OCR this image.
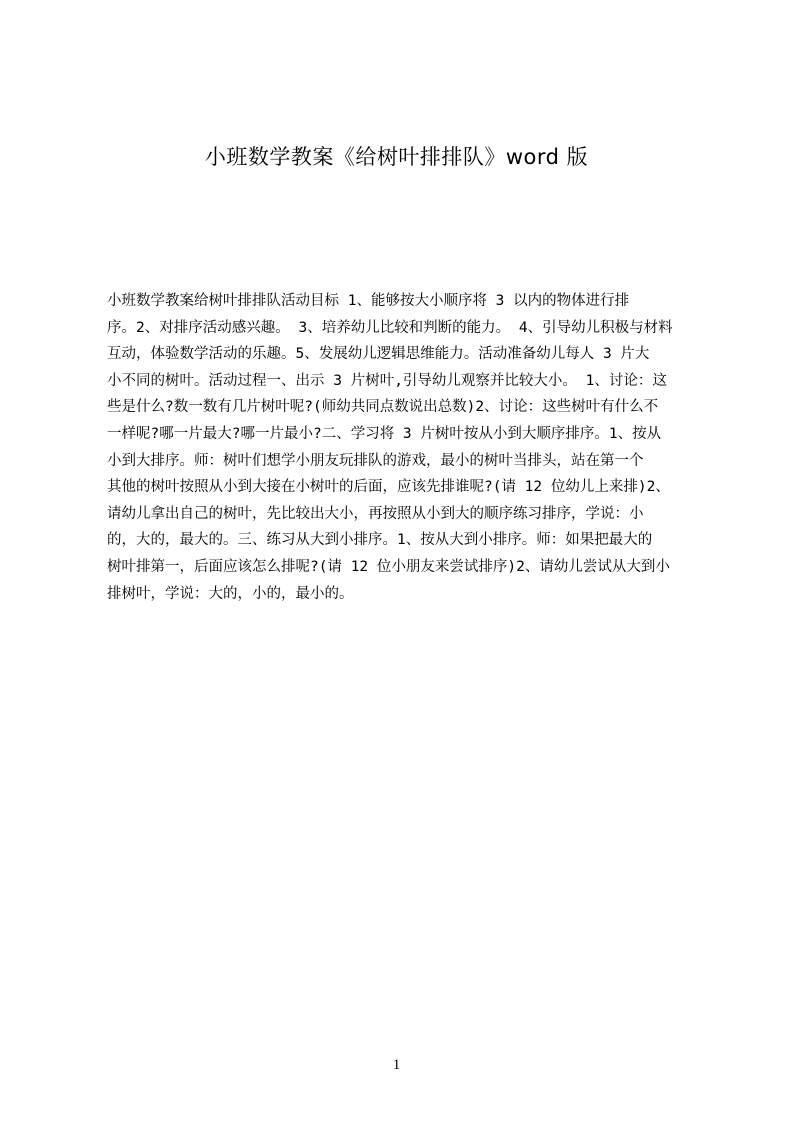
小班数学教案《给树叶排排队》word 版
小班数学教案给树叶排排队活动目标 1、能够按大小顺序将 3 以内的物体进行排
序。2、对排序活动感兴趣。 3、培养幼儿比较和判断的能力。 4、引导幼儿积极与材料
互动，体验数学活动的乐趣。5、发展幼儿逻辑思维能力。活动准备幼儿每人 3 片大
小不同的树叶。活动过程一、出示 3 片树叶,引导幼儿观察并比较大小。 1、讨论：这
些是什么?数一数有几片树叶呢?(师幼共同点数说出总数)2、讨论：这些树叶有什么不
一样呢?哪一片最大?哪一片最小?二、学习将 3 片树叶按从小到大顺序排序。1、按从
小到大排序。师：树叶们想学小朋友玩排队的游戏，最小的树叶当排头，站在第一个
其他的树叶按照从小到大接在小树叶的后面，应该先排谁呢?(请 12 位幼儿上来排)2、
请幼儿拿出自己的树叶，先比较出大小，再按照从小到大的顺序练习排序，学说：小
的，大的，最大的。三、练习从大到小排序。1、按从大到小排序。师：如果把最大的
树叶排第一，后面应该怎么排呢?(请 12 位小朋友来尝试排序)2、请幼儿尝试从大到小
排树叶，学说：大的，小的，最小的。
1
